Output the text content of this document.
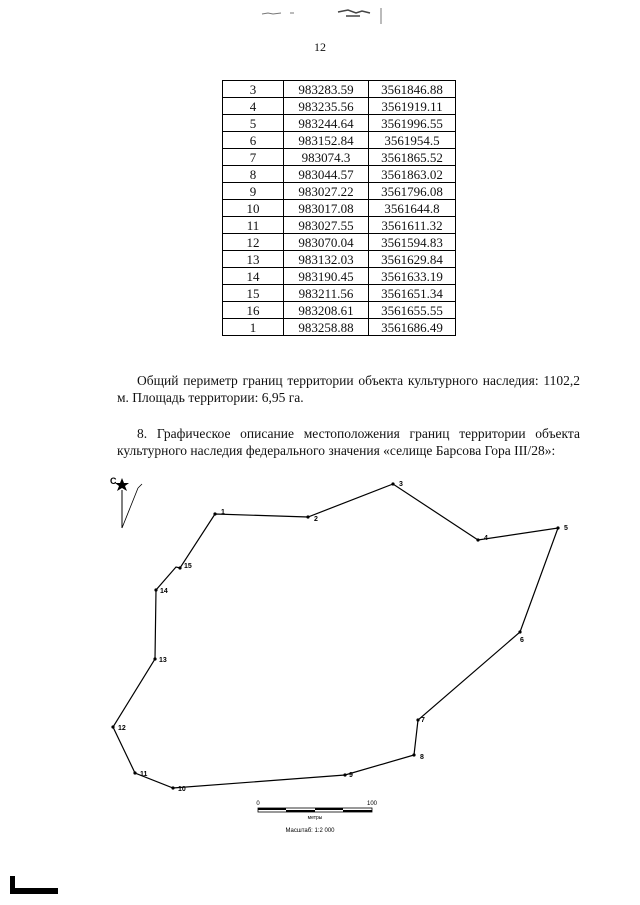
12
3	983283.59	3561846.88
4	983235.56	3561919.11
5	983244.64	3561996.55
6	983152.84	3561954.5
7	983074.3	3561865.52
8	983044.57	3561863.02
9	983027.22	3561796.08
10	983017.08	3561644.8
11	983027.55	3561611.32
12	983070.04	3561594.83
13	983132.03	3561629.84
14	983190.45	3561633.19
15	983211.56	3561651.34
16	983208.61	3561655.55
1	983258.88	3561686.49
Общий периметр границ территории объекта культурного наследия: 1102,2 м. Площадь территории: 6,95 га.
8. Графическое описание местоположения границ территории объекта культурного наследия федерального значения «селище Барсова Гора III/28»:
С
1
2
3
4
5
6
7
8
9
10
11
12
13
14
15
0	100
метры
Масштаб: 1:2 000
